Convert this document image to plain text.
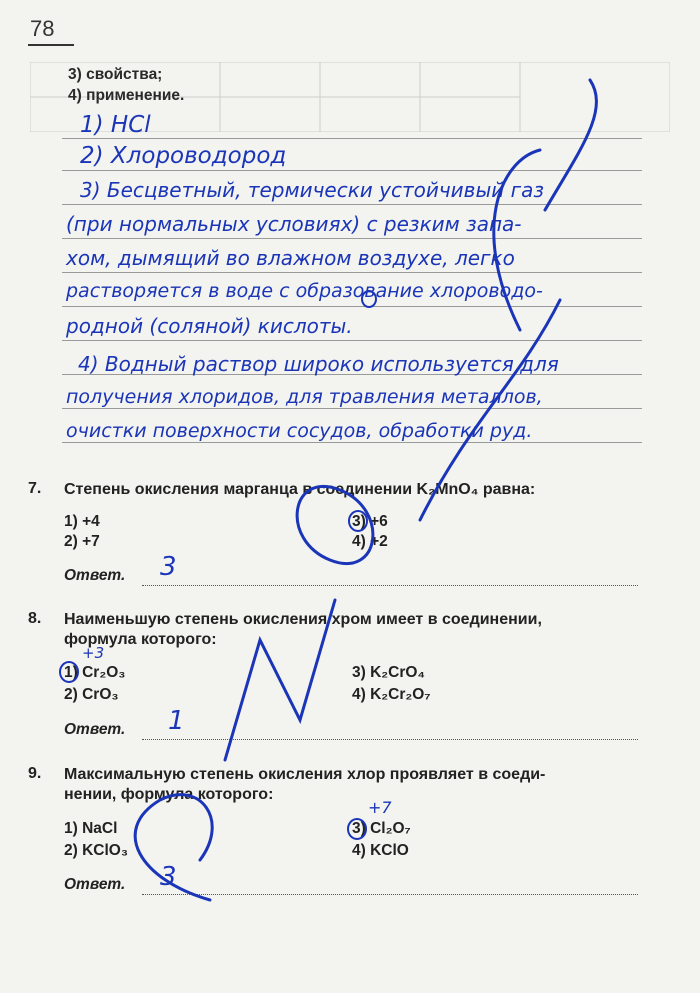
78
3) свойства;
4) применение.
1) HCl
2) Хлороводород
3) Бесцветный, термически устойчивый газ
(при нормальных условиях) с резким запа-
хом, дымящий во влажном воздухе, легко
растворяется в воде с образование хлороводо-
родной (соляной) кислоты.
4) Водный раствор широко используется для
получения хлоридов, для травления металлов,
очистки поверхности сосудов, обработки руд.
7. Степень окисления марганца в соединении K₂MnO₄ равна:
1) +4
2) +7
3) +6
4) +2
Ответ. 3
8. Наименьшую степень окисления хром имеет в соединении,
формула которого:
1) Cr₂O₃
2) CrO₃
3) K₂CrO₄
4) K₂Cr₂O₇
+3
Ответ. 1
9. Максимальную степень окисления хлор проявляет в соеди-
нении, формула которого:
1) NaCl
2) KClO₃
3) Cl₂O₇
4) KClO
+7
Ответ. 3
